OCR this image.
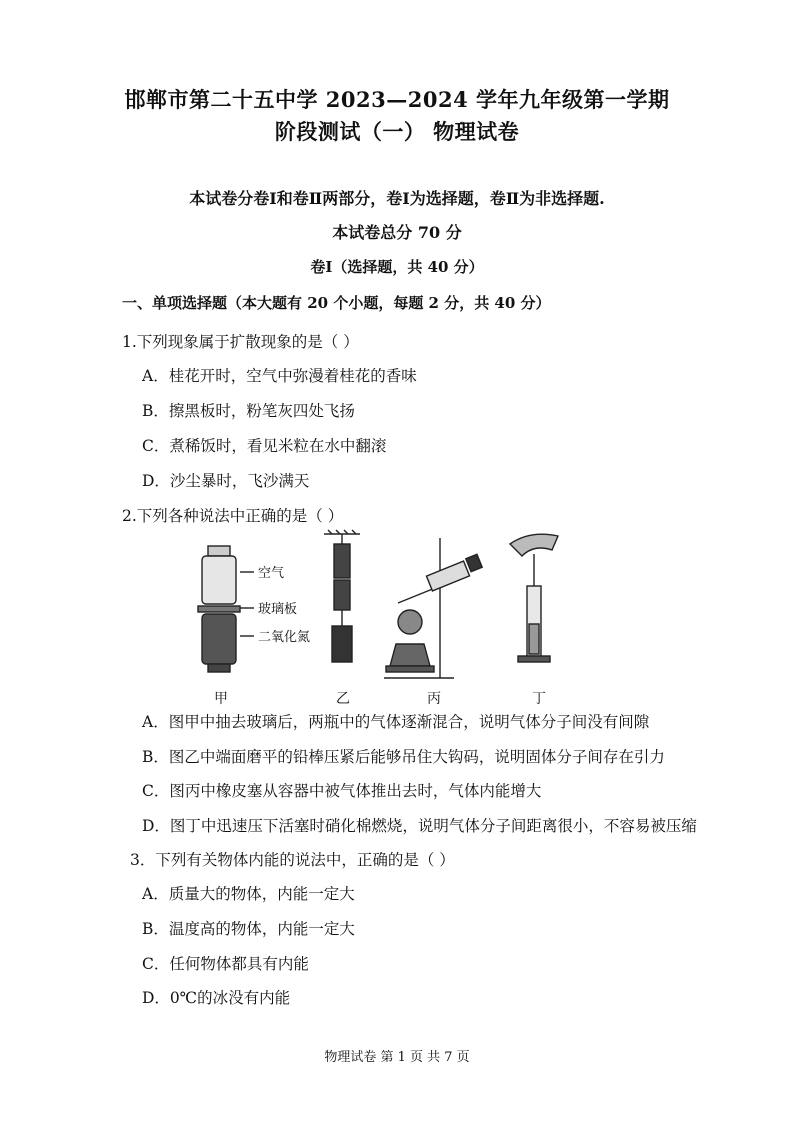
邯郸市第二十五中学 2023—2024 学年九年级第一学期
阶段测试（一） 物理试卷
本试卷分卷Ⅰ和卷Ⅱ两部分，卷Ⅰ为选择题，卷Ⅱ为非选择题.
本试卷总分 70 分
卷Ⅰ（选择题，共 40 分）
一、单项选择题（本大题有 20 个小题，每题 2 分，共 40 分）
1.下列现象属于扩散现象的是（ ）
A．桂花开时，空气中弥漫着桂花的香味
B．擦黑板时，粉笔灰四处飞扬
C．煮稀饭时，看见米粒在水中翻滚
D．沙尘暴时，飞沙满天
2.下列各种说法中正确的是（ ）
空气
玻璃板
二氧化氮
甲	乙	丙	丁
A．图甲中抽去玻璃后，两瓶中的气体逐渐混合，说明气体分子间没有间隙
B．图乙中端面磨平的铅棒压紧后能够吊住大钩码，说明固体分子间存在引力
C．图丙中橡皮塞从容器中被气体推出去时，气体内能增大
D．图丁中迅速压下活塞时硝化棉燃烧，说明气体分子间距离很小，不容易被压缩
3．下列有关物体内能的说法中，正确的是（ ）
A．质量大的物体，内能一定大
B．温度高的物体，内能一定大
C．任何物体都具有内能
D．0℃的冰没有内能
物理试卷 第 1 页 共 7 页
